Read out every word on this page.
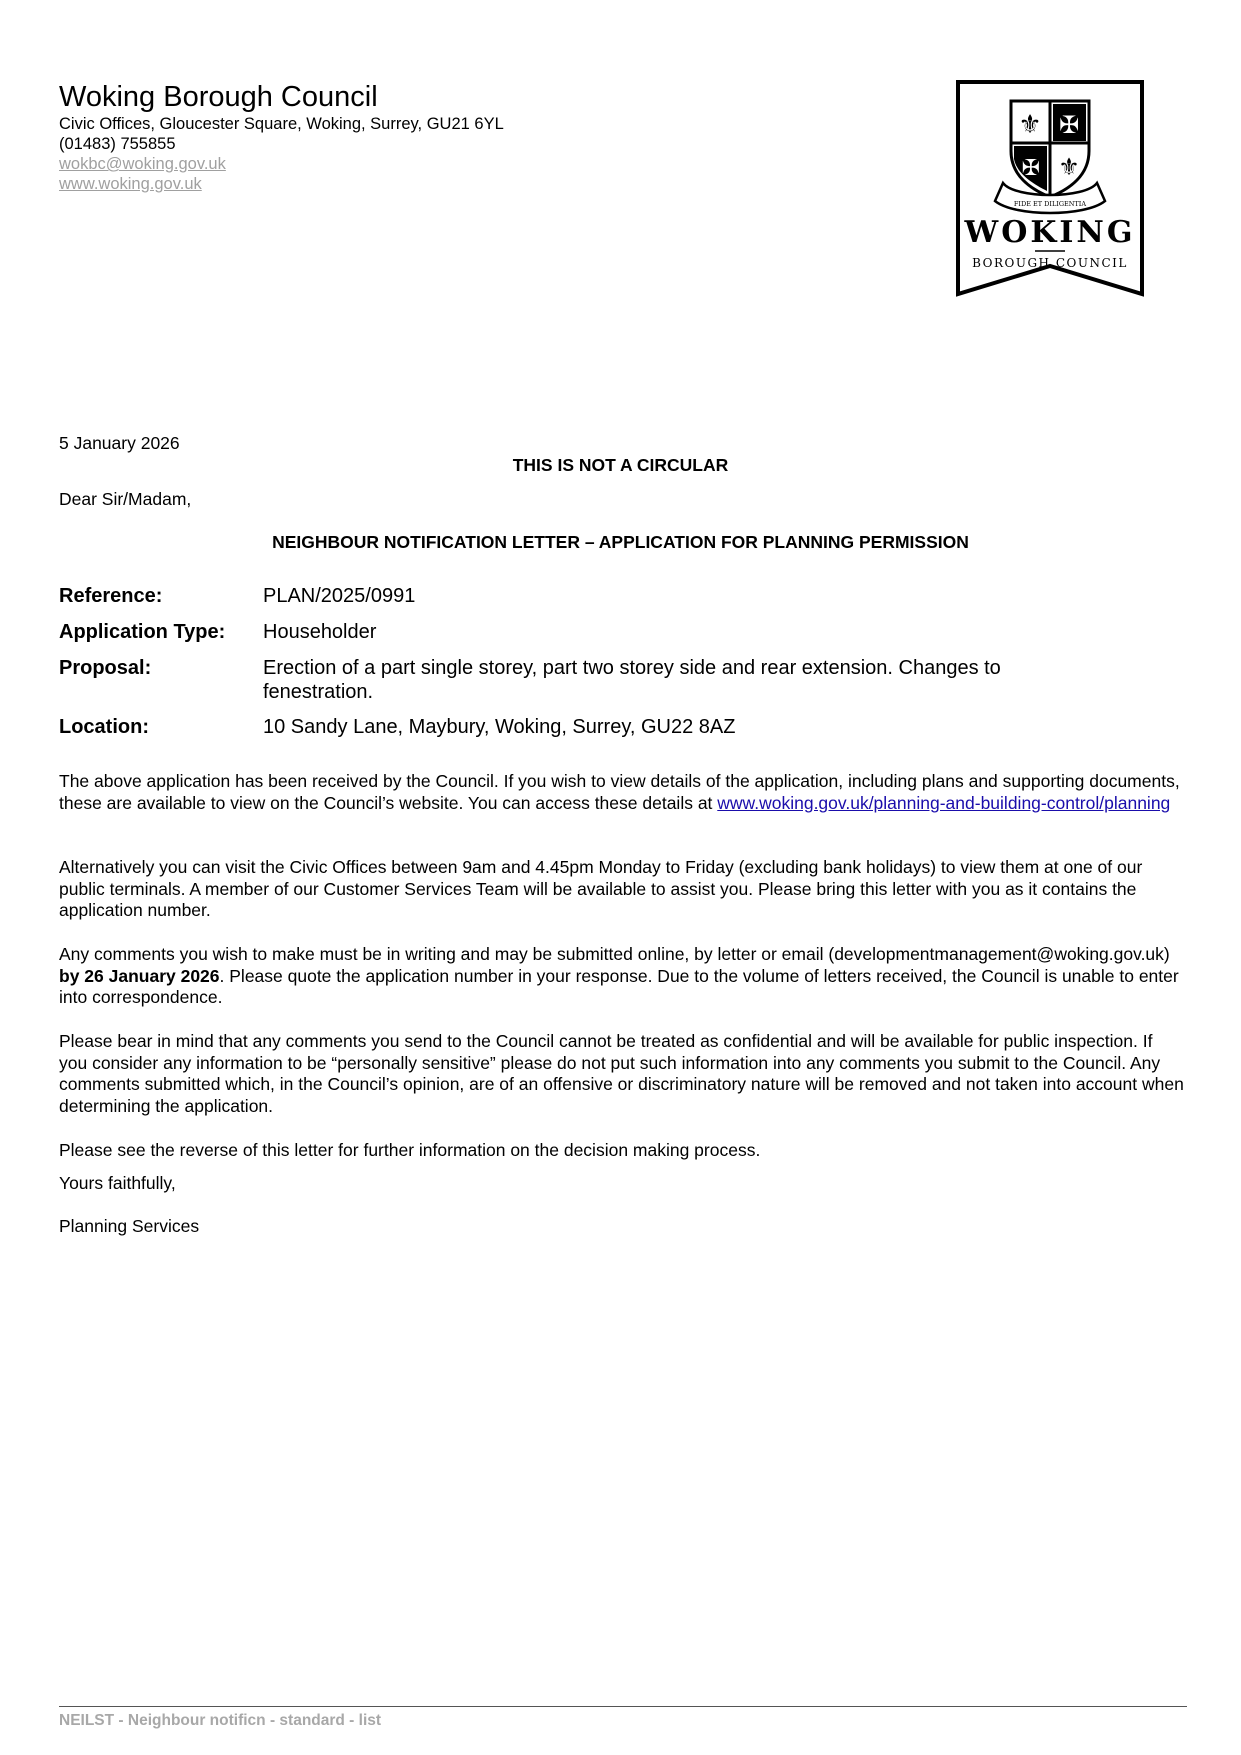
Woking Borough Council
Civic Offices, Gloucester Square, Woking, Surrey, GU21 6YL
(01483) 755855
wokbc@woking.gov.uk
www.woking.gov.uk
⚜ ✠
✠ ⚜
FIDE ET DILIGENTIA
WOKING
BOROUGH COUNCIL
5 January 2026
THIS IS NOT A CIRCULAR
Dear Sir/Madam,
NEIGHBOUR NOTIFICATION LETTER – APPLICATION FOR PLANNING PERMISSION
Reference:	PLAN/2025/0991
Application Type: Householder
Proposal:	Erection of a part single storey, part two storey side and rear extension. Changes to fenestration.
Location:	10 Sandy Lane, Maybury, Woking, Surrey, GU22 8AZ
The above application has been received by the Council. If you wish to view details of the application, including plans and supporting documents, these are available to view on the Council’s website. You can access these details at www.woking.gov.uk/planning-and-building-control/planning
Alternatively you can visit the Civic Offices between 9am and 4.45pm Monday to Friday (excluding bank holidays) to view them at one of our public terminals. A member of our Customer Services Team will be available to assist you. Please bring this letter with you as it contains the application number.
Any comments you wish to make must be in writing and may be submitted online, by letter or email (developmentmanagement@woking.gov.uk) by 26 January 2026. Please quote the application number in your response. Due to the volume of letters received, the Council is unable to enter into correspondence.
Please bear in mind that any comments you send to the Council cannot be treated as confidential and will be available for public inspection. If you consider any information to be “personally sensitive” please do not put such information into any comments you submit to the Council. Any comments submitted which, in the Council’s opinion, are of an offensive or discriminatory nature will be removed and not taken into account when determining the application.
Please see the reverse of this letter for further information on the decision making process.
Yours faithfully,
Planning Services
NEILST - Neighbour notificn - standard - list
